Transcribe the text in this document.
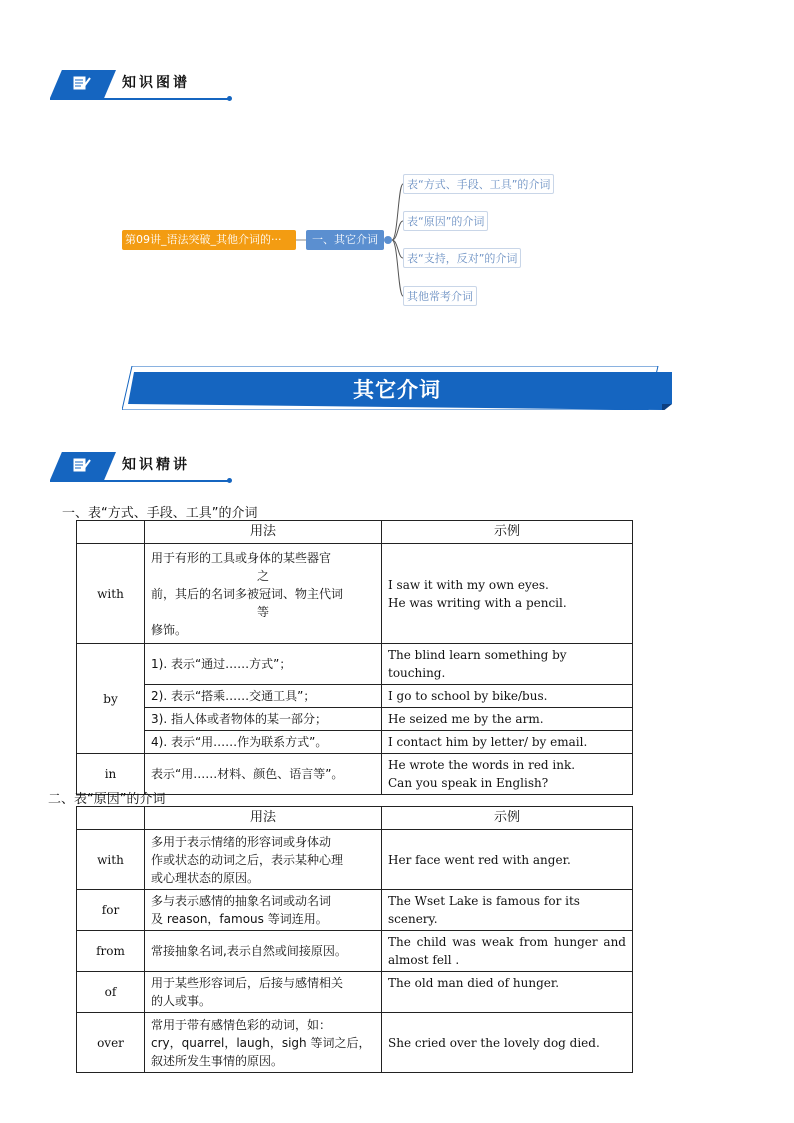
知识图谱
第09讲_语法突破_其他介词的···	一、其它介词
表“方式、手段、工具”的介词
表“原因”的介词
表“支持，反对”的介词
其他常考介词
其它介词
知识精讲
一、表“方式、手段、工具”的介词
	用法	示例
with	用于有形的工具或身体的某些器官
之
前，其后的名词多被冠词、物主代词
等
修饰。	I saw it with my own eyes.
He was writing with a pencil.

by	1). 表示“通过……方式”；	The blind learn something by touching.
	2). 表示“搭乘……交通工具”；	I go to school by bike/bus.
	3). 指人体或者物体的某一部分；	He seized me by the arm.
	4). 表示“用……作为联系方式”。	I contact him by letter/ by email.
in	表示“用……材料、颜色、语言等”。	He wrote the words in red ink.
Can you speak in English?
二、表“原因”的介词
	用法	示例
with	多用于表示情绪的形容词或身体动
作或状态的动词之后，表示某种心理
或心理状态的原因。	Her face went red with anger.
for	多与表示感情的抽象名词或动名词
及 reason，famous 等词连用。	The Wset Lake is famous for its scenery.
from	常接抽象名词,表示自然或间接原因。	The child was weak from hunger and
almost fell .

of	用于某些形容词后，后接与感情相关
的人或事。	The old man died of hunger.
over	常用于带有感情色彩的动词，如：
cry，quarrel，laugh，sigh 等词之后，
叙述所发生事情的原因。	She cried over the lovely dog died.
